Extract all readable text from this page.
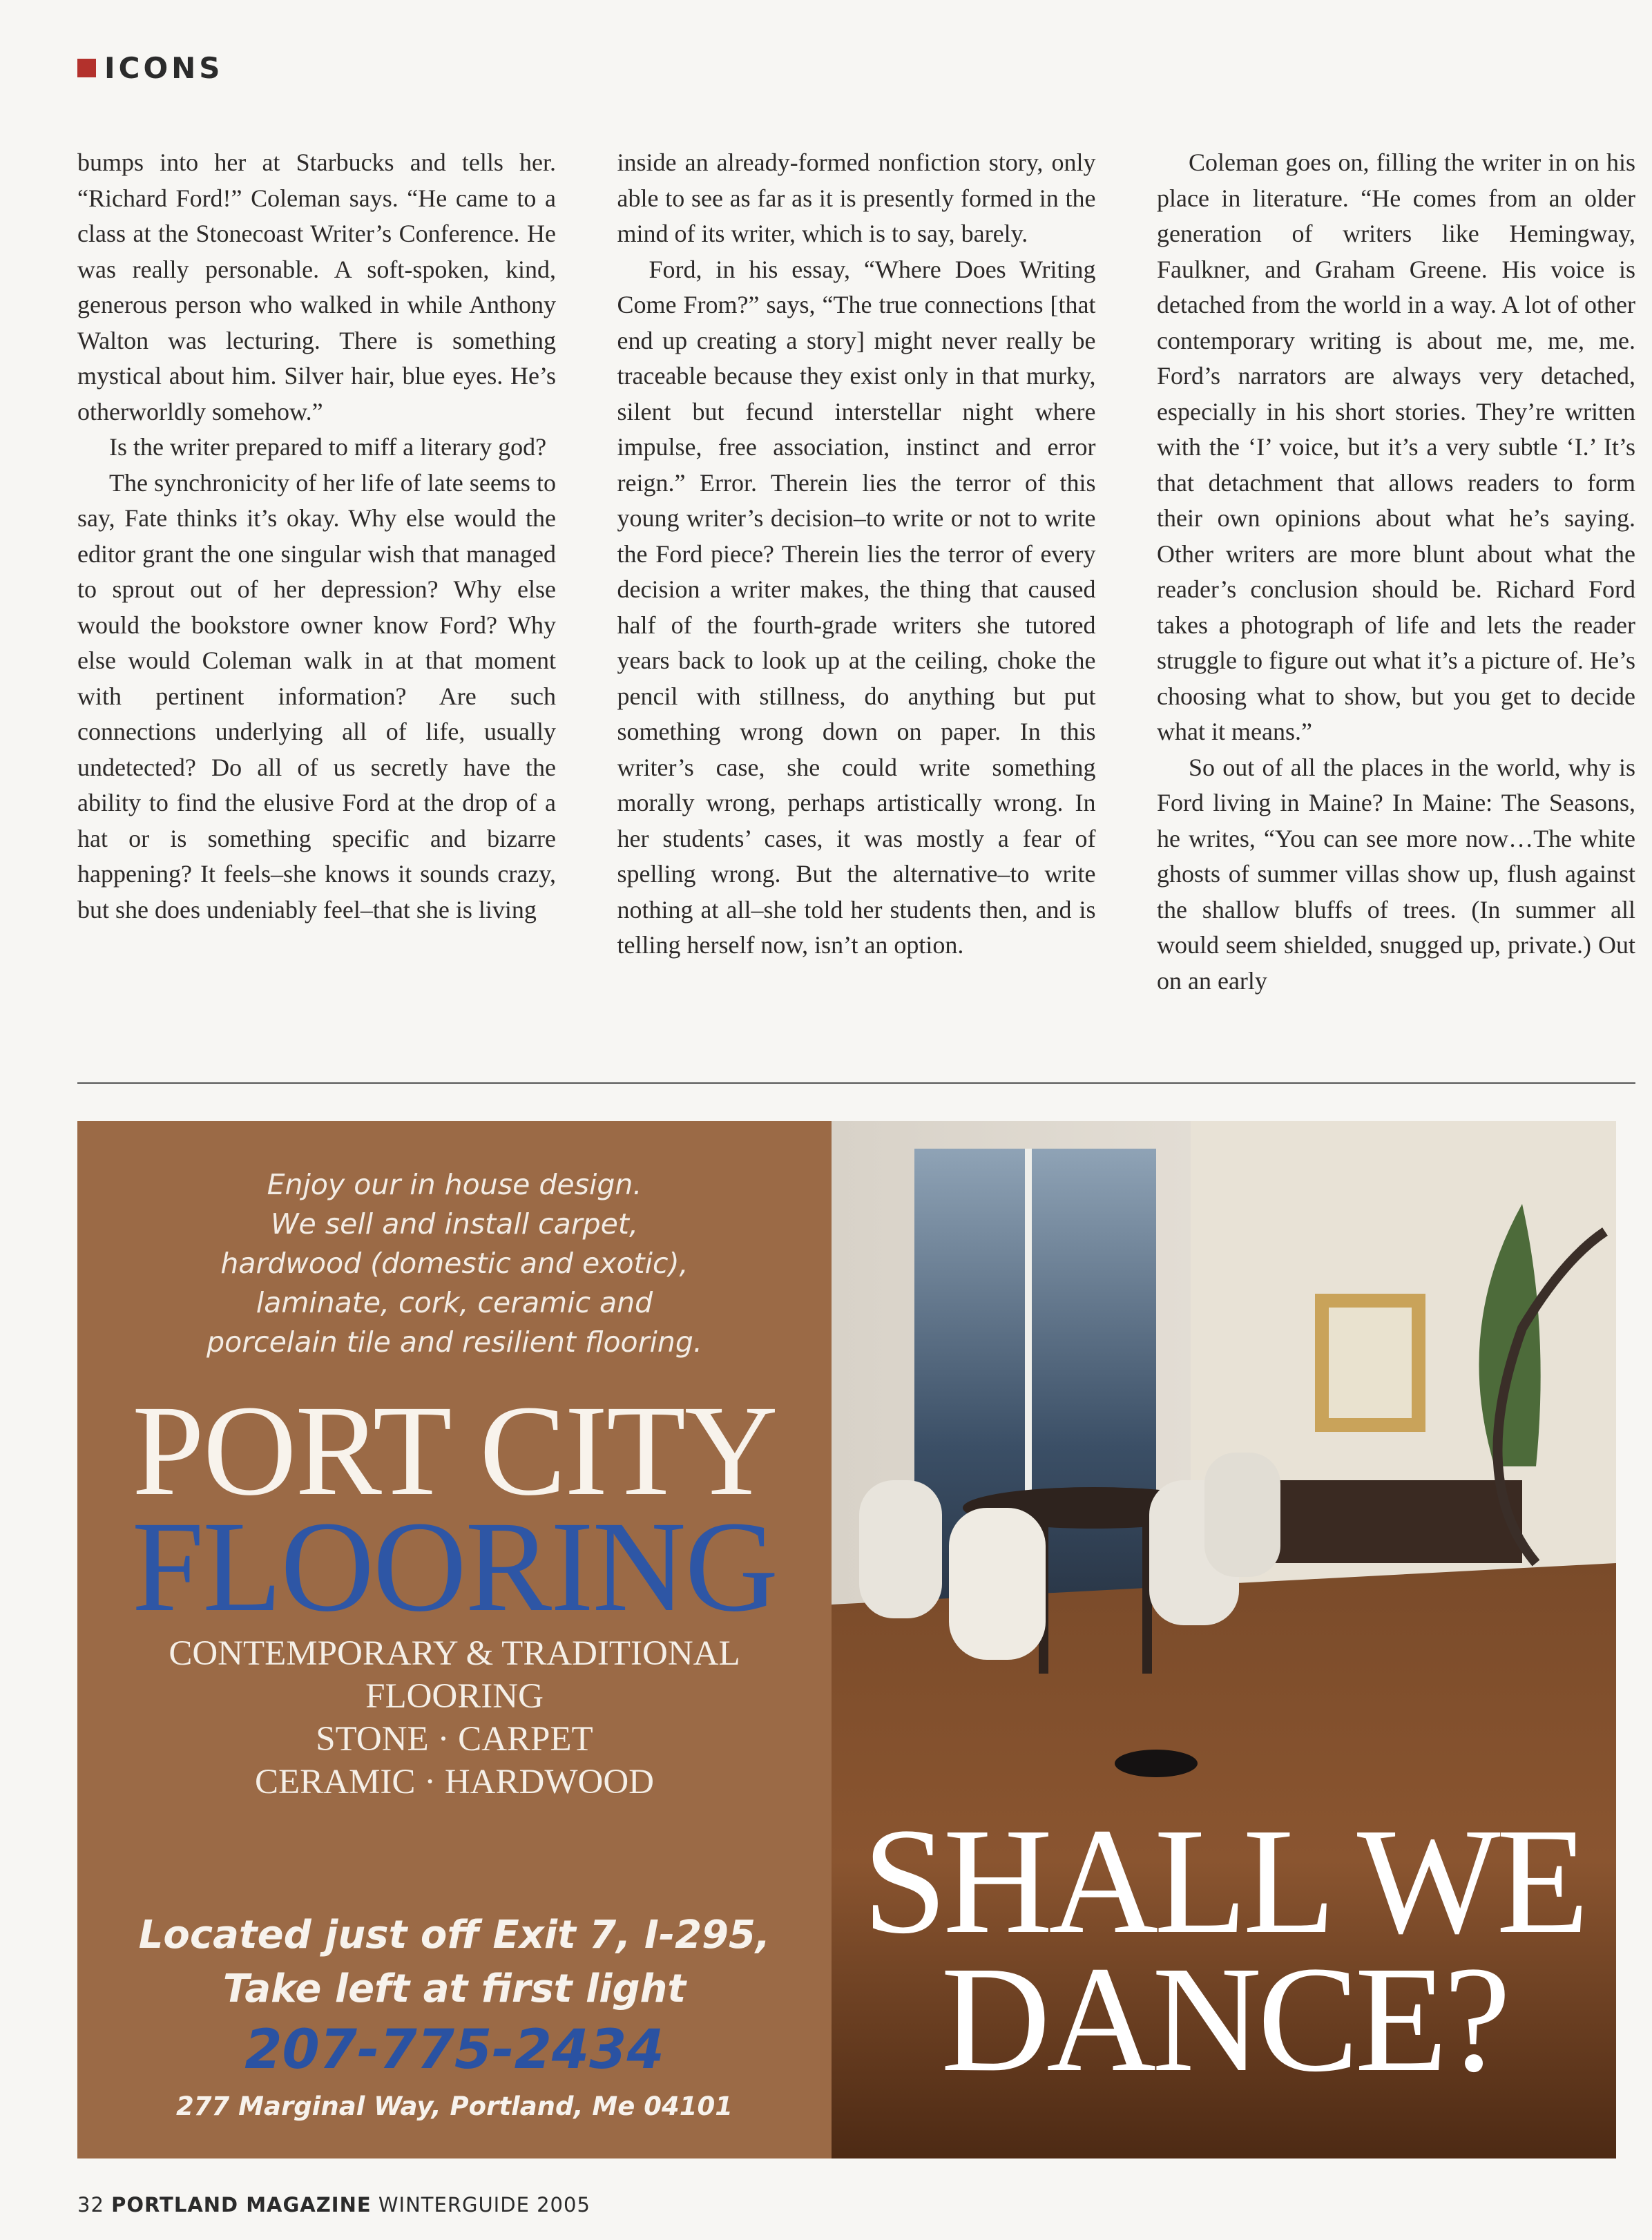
ICONS

bumps into her at Starbucks and tells her. “Richard Ford!” Coleman says. “He came to a class at the Stonecoast Writer’s Conference. He was really personable. A soft-spoken, kind, generous person who walked in while Anthony Walton was lecturing. There is something mystical about him. Silver hair, blue eyes. He’s otherworldly somehow.”

Is the writer prepared to miff a literary god?

The synchronicity of her life of late seems to say, Fate thinks it’s okay. Why else would the editor grant the one singular wish that managed to sprout out of her depression? Why else would the bookstore owner know Ford? Why else would Coleman walk in at that moment with pertinent information? Are such connections underlying all of life, usually undetected? Do all of us secretly have the ability to find the elusive Ford at the drop of a hat or is something specific and bizarre happening? It feels–she knows it sounds crazy, but she does undeniably feel–that she is living

inside an already-formed nonfiction story, only able to see as far as it is presently formed in the mind of its writer, which is to say, barely.

Ford, in his essay, “Where Does Writing Come From?” says, “The true connections [that end up creating a story] might never really be traceable because they exist only in that murky, silent but fecund interstellar night where impulse, free association, instinct and error reign.” Error. Therein lies the terror of this young writer’s decision–to write or not to write the Ford piece? Therein lies the terror of every decision a writer makes, the thing that caused half of the fourth-grade writers she tutored years back to look up at the ceiling, choke the pencil with stillness, do anything but put something wrong down on paper. In this writer’s case, she could write something morally wrong, perhaps artistically wrong. In her students’ cases, it was mostly a fear of spelling wrong. But the alternative–to write nothing at all–she told her students then, and is telling herself now, isn’t an option.

Coleman goes on, filling the writer in on his place in literature. “He comes from an older generation of writers like Hemingway, Faulkner, and Graham Greene. His voice is detached from the world in a way. A lot of other contemporary writing is about me, me, me. Ford’s narrators are always very detached, especially in his short stories. They’re written with the ‘I’ voice, but it’s a very subtle ‘I.’ It’s that detachment that allows readers to form their own opinions about what he’s saying. Other writers are more blunt about what the reader’s conclusion should be. Richard Ford takes a photograph of life and lets the reader struggle to figure out what it’s a picture of. He’s choosing what to show, but you get to decide what it means.”

So out of all the places in the world, why is Ford living in Maine? In Maine: The Seasons, he writes, “You can see more now…The white ghosts of summer villas show up, flush against the shallow bluffs of trees. (In summer all would seem shielded, snugged up, private.) Out on an early

Enjoy our in house design.
We sell and install carpet,
hardwood (domestic and exotic),
laminate, cork, ceramic and
porcelain tile and resilient flooring.
PORT CITY
FLOORING
CONTEMPORARY & TRADITIONAL
FLOORING
STONE · CARPET
CERAMIC · HARDWOOD
Located just off Exit 7, I-295,
Take left at first light
207-775-2434
277 Marginal Way, Portland, Me 04101
SHALL WE
DANCE?
32 PORTLAND MAGAZINE WINTERGUIDE 2005
